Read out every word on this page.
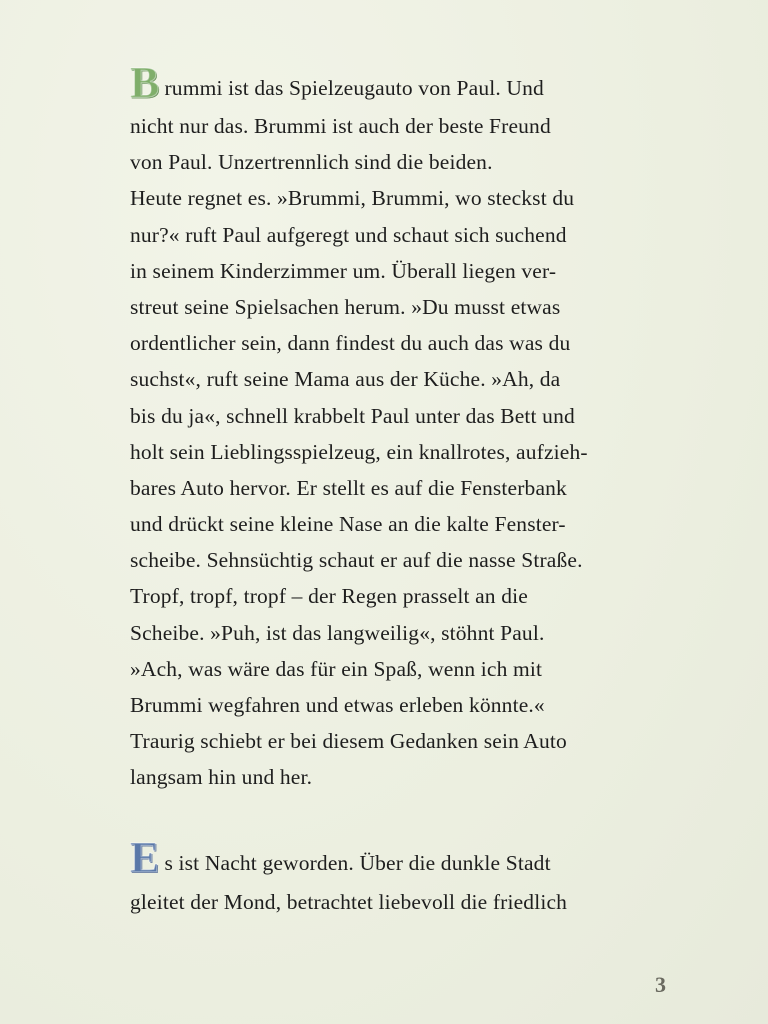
Brummi ist das Spielzeugauto von Paul. Und
nicht nur das. Brummi ist auch der beste Freund
von Paul. Unzertrennlich sind die beiden.
Heute regnet es. »Brummi, Brummi, wo steckst du
nur?« ruft Paul aufgeregt und schaut sich suchend
in seinem Kinderzimmer um. Überall liegen ver-
streut seine Spielsachen herum. »Du musst etwas
ordentlicher sein, dann findest du auch das was du
suchst«, ruft seine Mama aus der Küche. »Ah, da
bis du ja«, schnell krabbelt Paul unter das Bett und
holt sein Lieblingsspielzeug, ein knallrotes, aufzieh-
bares Auto hervor. Er stellt es auf die Fensterbank
und drückt seine kleine Nase an die kalte Fenster-
scheibe. Sehnsüchtig schaut er auf die nasse Straße.
Tropf, tropf, tropf – der Regen prasselt an die
Scheibe. »Puh, ist das langweilig«, stöhnt Paul.
»Ach, was wäre das für ein Spaß, wenn ich mit
Brummi wegfahren und etwas erleben könnte.«
Traurig schiebt er bei diesem Gedanken sein Auto
langsam hin und her.
Es ist Nacht geworden. Über die dunkle Stadt
gleitet der Mond, betrachtet liebevoll die friedlich
3
